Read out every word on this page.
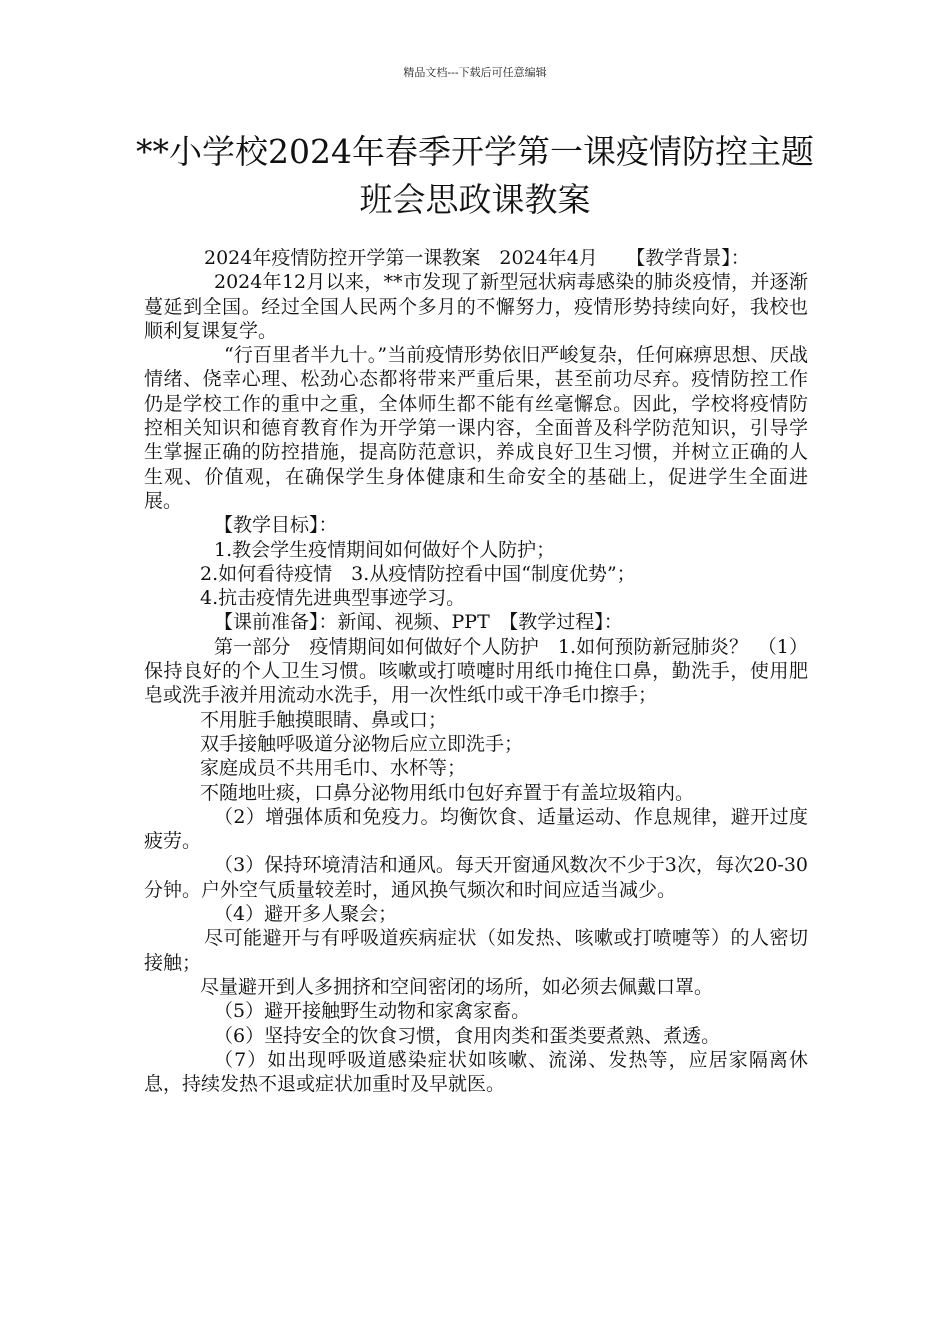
精品文档---下载后可任意编辑
**小学校2024年春季开学第一课疫情防控主题班会思政课教案

2024年疫情防控开学第一课教案　2024年4月　　【教学背景】：

2024年12月以来，**市发现了新型冠状病毒感染的肺炎疫情，并逐渐蔓延到全国。经过全国人民两个多月的不懈努力，疫情形势持续向好，我校也顺利复课复学。

“行百里者半九十。”当前疫情形势依旧严峻复杂，任何麻痹思想、厌战情绪、侥幸心理、松劲心态都将带来严重后果，甚至前功尽弃。疫情防控工作仍是学校工作的重中之重，全体师生都不能有丝毫懈怠。因此，学校将疫情防控相关知识和德育教育作为开学第一课内容，全面普及科学防范知识，引导学生掌握正确的防控措施，提高防范意识，养成良好卫生习惯，并树立正确的人生观、价值观，在确保学生身体健康和生命安全的基础上，促进学生全面进展。

【教学目标】：

1.教会学生疫情期间如何做好个人防护；

2.如何看待疫情　3.从疫情防控看中国“制度优势”；

4.抗击疫情先进典型事迹学习。

【课前准备】：新闻、视频、PPT　【教学过程】：

第一部分　疫情期间如何做好个人防护　1.如何预防新冠肺炎？　（1）保持良好的个人卫生习惯。咳嗽或打喷嚏时用纸巾掩住口鼻，勤洗手，使用肥皂或洗手液并用流动水洗手，用一次性纸巾或干净毛巾擦手；

不用脏手触摸眼睛、鼻或口；

双手接触呼吸道分泌物后应立即洗手；

家庭成员不共用毛巾、水杯等；

不随地吐痰，口鼻分泌物用纸巾包好弃置于有盖垃圾箱内。

（2）增强体质和免疫力。均衡饮食、适量运动、作息规律，避开过度疲劳。

（3）保持环境清洁和通风。每天开窗通风数次不少于3次，每次20-30分钟。户外空气质量较差时，通风换气频次和时间应适当减少。

（4）避开多人聚会；

尽可能避开与有呼吸道疾病症状（如发热、咳嗽或打喷嚏等）的人密切接触；

尽量避开到人多拥挤和空间密闭的场所，如必须去佩戴口罩。

（5）避开接触野生动物和家禽家畜。

（6）坚持安全的饮食习惯，食用肉类和蛋类要煮熟、煮透。

（7）如出现呼吸道感染症状如咳嗽、流涕、发热等，应居家隔离休息，持续发热不退或症状加重时及早就医。
